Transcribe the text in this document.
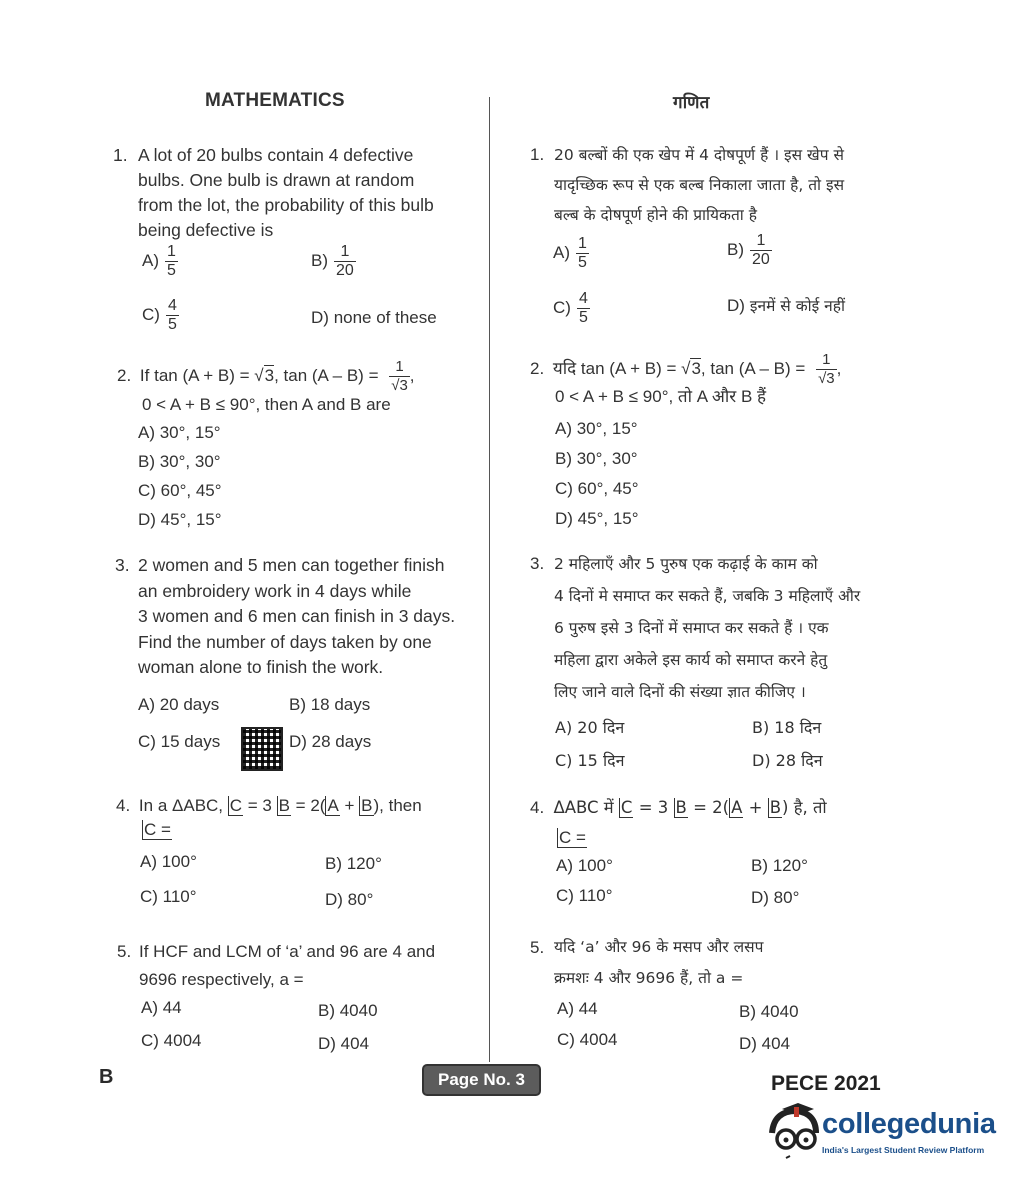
MATHEMATICS	गणित
1. A lot of 20 bulbs contain 4 defective
bulbs. One bulb is drawn at random
from the lot, the probability of this bulb
being defective is
$A) \frac{1}{5}$	$B) \frac{1}{20}$
$C) \frac{4}{5}$	D) none of these
2. If tan (A + B) = √3, $\tan (A - B) = \frac{1}{√3}$ ,
0 < A + B ≤ 90°, then A and B are
A) 30°, 15°
B) 30°, 30°
C) 60°, 45°
D) 45°, 15°
3. 2 women and 5 men can together finish
an embroidery work in 4 days while
3 women and 6 men can finish in 3 days.
Find the number of days taken by one
woman alone to finish the work.
A) 20 days	B) 18 days
C) 15 days	D) 28 days
4. In a ΔABC, C = 3 B = 2( A + B), then
C =
A) 100°	B) 120°
C) 110°	D) 80°
5. If HCF and LCM of ‘a’ and 96 are 4 and
9696 respectively, a =
A) 44	B) 4040
C) 4004	D) 404
1. 20 बल्बों की एक खेप में 4 दोषपूर्ण हैं । इस खेप से
यादृच्छिक रूप से एक बल्ब निकाला जाता है, तो इस
बल्ब के दोषपूर्ण होने की प्रायिकता है
$A) \frac{1}{5}$	$B) \frac{1}{20}$
$C) \frac{4}{5}$	D) इनमें से कोई नहीं
2. यदि tan (A + B) = √3, $\tan (A - B) = \frac{1}{√3}$ ,
0 < A + B ≤ 90°, तो A और B हैं
A) 30°, 15°
B) 30°, 30°
C) 60°, 45°
D) 45°, 15°
3. 2 महिलाएँ और 5 पुरुष एक कढ़ाई के काम को
4 दिनों मे समाप्त कर सकते हैं, जबकि 3 महिलाएँ और
6 पुरुष इसे 3 दिनों में समाप्त कर सकते हैं । एक
महिला द्वारा अकेले इस कार्य को समाप्त करने हेतु
लिए जाने वाले दिनों की संख्या ज्ञात कीजिए ।
A) 20 दिन	B) 18 दिन
C) 15 दिन	D) 28 दिन
4. ΔABC में C = 3 B = 2( A + B) है, तो
C =
A) 100°	B) 120°
C) 110°	D) 80°
5. यदि ‘a’ और 96 के मसप और लसप
क्रमशः 4 और 9696 हैं, तो a =
A) 44	B) 4040
C) 4004	D) 404
B	Page No. 3	PECE 2021
collegedunia
India's Largest Student Review Platform
